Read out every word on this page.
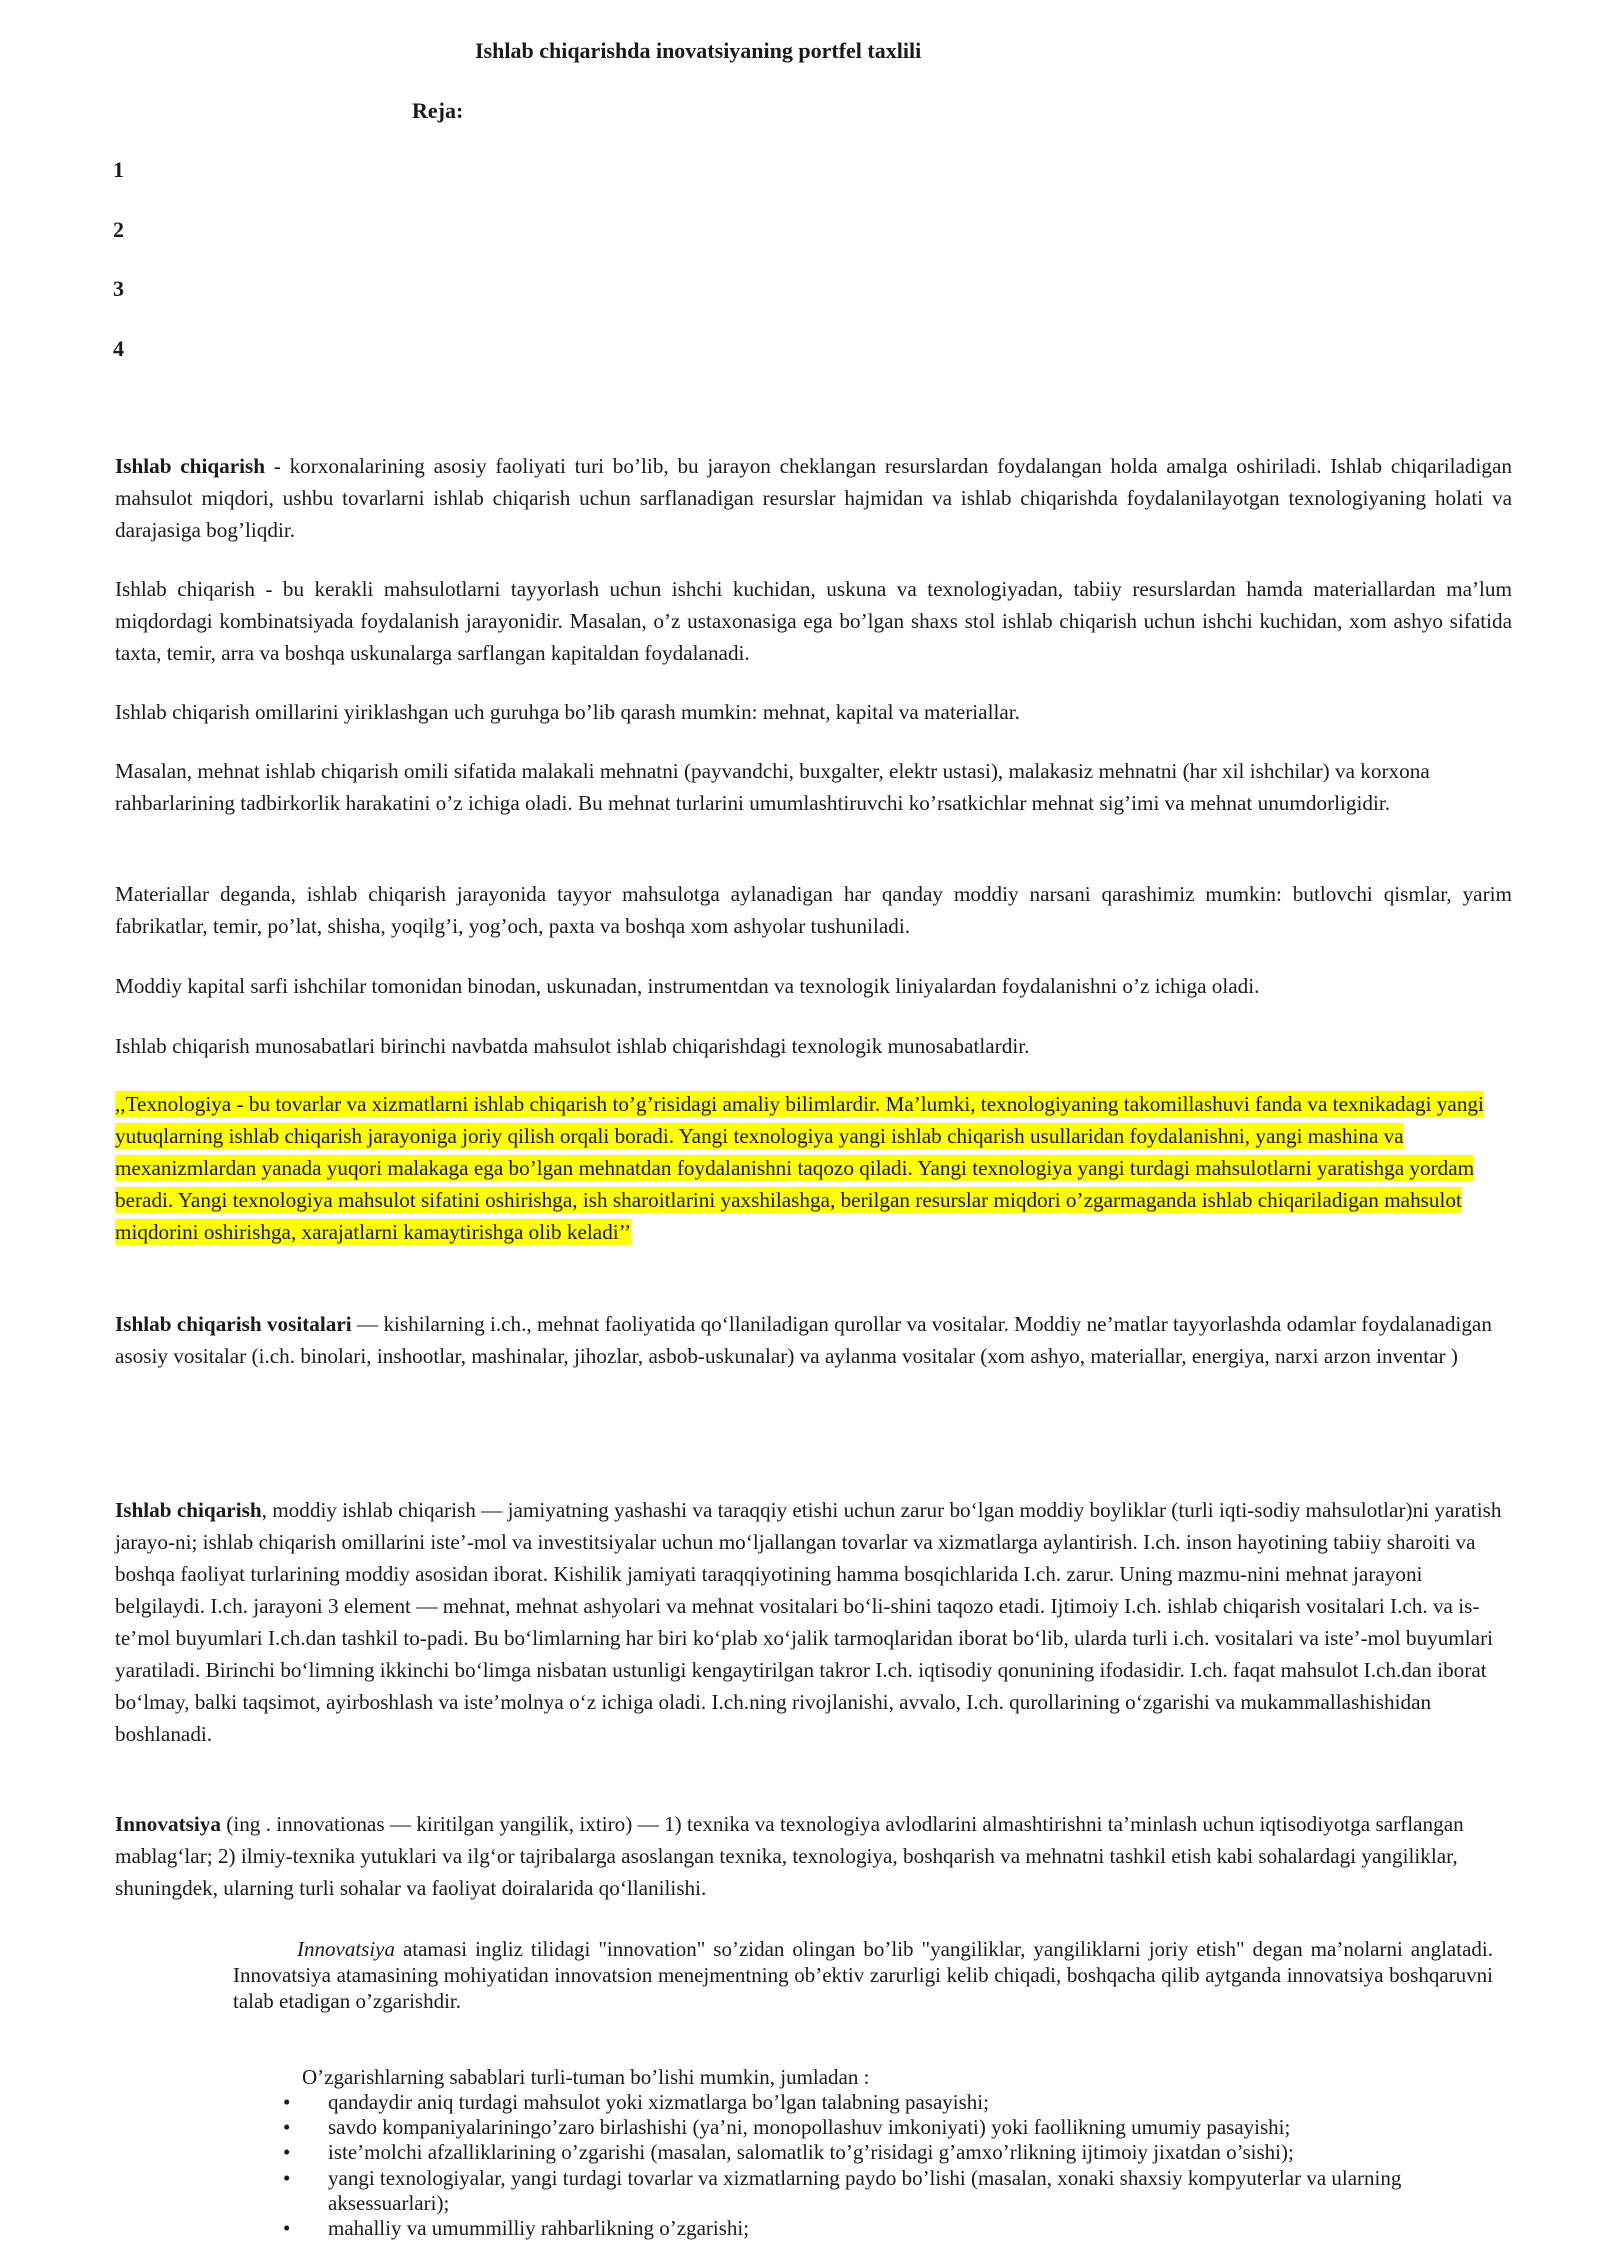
Ishlab chiqarishda inovatsiyaning portfel taxlili
Reja:
1
2
3
4

Ishlab chiqarish - korxonalarining asosiy faoliyati turi bo’lib, bu jarayon cheklangan resurslardan foydalangan holda amalga oshiriladi. Ishlab chiqariladigan mahsulot miqdori, ushbu tovarlarni ishlab chiqarish uchun sarflanadigan resurslar hajmidan va ishlab chiqarishda foydalanilayotgan texnologiyaning holati va darajasiga bog’liqdir.

Ishlab chiqarish - bu kerakli mahsulotlarni tayyorlash uchun ishchi kuchidan, uskuna va texnologiyadan, tabiiy resurslardan hamda materiallardan ma’lum miqdordagi kombinatsiyada foydalanish jarayonidir. Masalan, o’z ustaxonasiga ega bo’lgan shaxs stol ishlab chiqarish uchun ishchi kuchidan, xom ashyo sifatida taxta, temir, arra va boshqa uskunalarga sarflangan kapitaldan foydalanadi.

Ishlab chiqarish omillarini yiriklashgan uch guruhga bo’lib qarash mumkin: mehnat, kapital va materiallar.

Masalan, mehnat ishlab chiqarish omili sifatida malakali mehnatni (payvandchi, buxgalter, elektr ustasi), malakasiz mehnatni (har xil ishchilar) va korxona rahbarlarining tadbirkorlik harakatini o’z ichiga oladi. Bu mehnat turlarini umumlashtiruvchi ko’rsatkichlar mehnat sig’imi va mehnat unumdorligidir.

Materiallar deganda, ishlab chiqarish jarayonida tayyor mahsulotga aylanadigan har qanday moddiy narsani qarashimiz mumkin: butlovchi qismlar, yarim fabrikatlar, temir, po’lat, shisha, yoqilg’i, yog’och, paxta va boshqa xom ashyolar tushuniladi.

Moddiy kapital sarfi ishchilar tomonidan binodan, uskunadan, instrumentdan va texnologik liniyalardan foydalanishni o’z ichiga oladi.

Ishlab chiqarish munosabatlari birinchi navbatda mahsulot ishlab chiqarishdagi texnologik munosabatlardir.

,,Texnologiya - bu tovarlar va xizmatlarni ishlab chiqarish to’g’risidagi amaliy bilimlardir. Ma’lumki, texnologiyaning takomillashuvi fanda va texnikadagi yangi yutuqlarning ishlab chiqarish jarayoniga joriy qilish orqali boradi. Yangi texnologiya yangi ishlab chiqarish usullaridan foydalanishni, yangi mashina va mexanizmlardan yanada yuqori malakaga ega bo’lgan mehnatdan foydalanishni taqozo qiladi. Yangi texnologiya yangi turdagi mahsulotlarni yaratishga yordam beradi. Yangi texnologiya mahsulot sifatini oshirishga, ish sharoitlarini yaxshilashga, berilgan resurslar miqdori o’zgarmaganda ishlab chiqariladigan mahsulot miqdorini oshirishga, xarajatlarni kamaytirishga olib keladi’’

Ishlab chiqarish vositalari — kishilarning i.ch., mehnat faoliyatida qo‘llaniladigan qurollar va vositalar. Moddiy ne’matlar tayyorlashda odamlar foydalanadigan asosiy vositalar (i.ch. binolari, inshootlar, mashinalar, jihozlar, asbob-uskunalar) va aylanma vositalar (xom ashyo, materiallar, energiya, narxi arzon inventar )

Ishlab chiqarish, moddiy ishlab chiqarish — jamiyatning yashashi va taraqqiy etishi uchun zarur bo‘lgan moddiy boyliklar (turli iqti-sodiy mahsulotlar)ni yaratish jarayo-ni; ishlab chiqarish omillarini iste’-mol va investitsiyalar uchun mo‘ljallangan tovarlar va xizmatlarga aylantirish. I.ch. inson hayotining tabiiy sharoiti va boshqa faoliyat turlarining moddiy asosidan iborat. Kishilik jamiyati taraqqiyotining hamma bosqichlarida I.ch. zarur. Uning mazmu-nini mehnat jarayoni belgilaydi. I.ch. jarayoni 3 element — mehnat, mehnat ashyolari va mehnat vositalari bo‘li-shini taqozo etadi. Ijtimoiy I.ch. ishlab chiqarish vositalari I.ch. va is-te’mol buyumlari I.ch.dan tashkil to-padi. Bu bo‘limlarning har biri ko‘plab xo‘jalik tarmoqlaridan iborat bo‘lib, ularda turli i.ch. vositalari va iste’-mol buyumlari yaratiladi. Birinchi bo‘limning ikkinchi bo‘limga nisbatan ustunligi kengaytirilgan takror I.ch. iqtisodiy qonunining ifodasidir. I.ch. faqat mahsulot I.ch.dan iborat bo‘lmay, balki taqsimot, ayirboshlash va iste’molnya o‘z ichiga oladi. I.ch.ning rivojlanishi, avvalo, I.ch. qurollarining o‘zgarishi va mukammallashishidan boshlanadi.

Innovatsiya (ing . innovationas — kiritilgan yangilik, ixtiro) — 1) texnika va texnologiya avlodlarini almashtirishni ta’minlash uchun iqtisodiyotga sarflangan mablag‘lar; 2) ilmiy-texnika yutuklari va ilg‘or tajribalarga asoslangan texnika, texnologiya, boshqarish va mehnatni tashkil etish kabi sohalardagi yangiliklar, shuningdek, ularning turli sohalar va faoliyat doiralarida qo‘llanilishi.

Innovatsiya atamasi ingliz tilidagi "innovation" so’zidan olingan bo’lib "yangiliklar, yangiliklarni joriy etish" degan ma’nolarni anglatadi. Innovatsiya atamasining mohiyatidan innovatsion menejmentning ob’ektiv zarurligi kelib chiqadi, boshqacha qilib aytganda innovatsiya boshqaruvni talab etadigan o’zgarishdir.

O’zgarishlarning sabablari turli-tuman bo’lishi mumkin, jumladan :

• qandaydir aniq turdagi mahsulot yoki xizmatlarga bo’lgan talabning pasayishi;
• savdo kompaniyalariningo’zaro birlashishi (ya’ni, monopollashuv imkoniyati) yoki faollikning umumiy pasayishi;
• iste’molchi afzalliklarining o’zgarishi (masalan, salomatlik to’g’risidagi g’amxo’rlikning ijtimoiy jixatdan o’sishi);
• yangi texnologiyalar, yangi turdagi tovarlar va xizmatlarning paydo bo’lishi (masalan, xonaki shaxsiy kompyuterlar va ularning aksessuarlari);
• mahalliy va umummilliy rahbarlikning o’zgarishi;
